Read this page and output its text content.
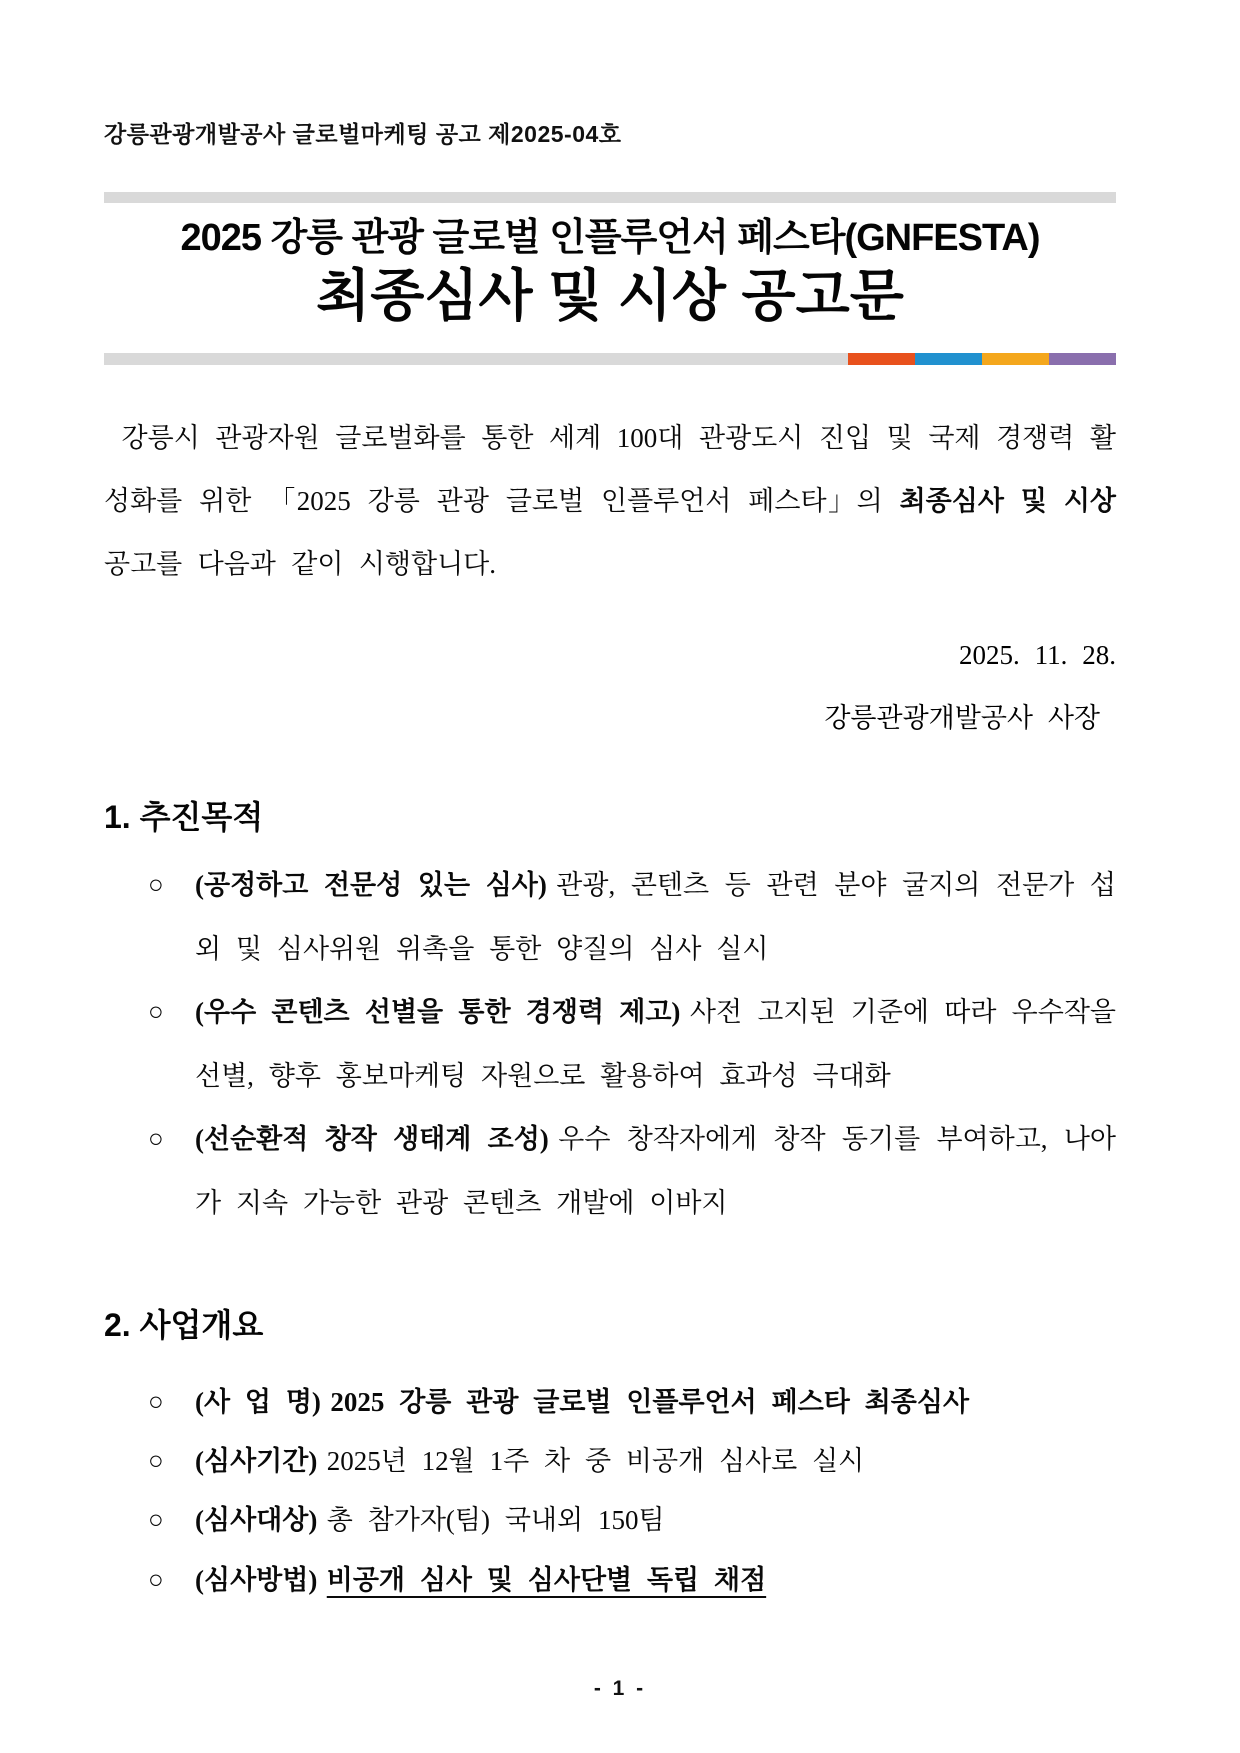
강릉관광개발공사 글로벌마케팅 공고 제2025-04호
2025 강릉 관광 글로벌 인플루언서 페스타(GNFESTA)
최종심사 및 시상 공고문

강릉시 관광자원 글로벌화를 통한 세계 100대 관광도시 진입 및 국제 경쟁력 활성화를 위한 「2025 강릉 관광 글로벌 인플루언서 페스타」의 최종심사 및 시상 공고를 다음과 같이 시행합니다.

2025. 11. 28.
강릉관광개발공사 사장
1. 추진목적
○	(공정하고 전문성 있는 심사) 관광, 콘텐츠 등 관련 분야 굴지의 전문가 섭외 및 심사위원 위촉을 통한 양질의 심사 실시
○	(우수 콘텐츠 선별을 통한 경쟁력 제고) 사전 고지된 기준에 따라 우수작을 선별, 향후 홍보마케팅 자원으로 활용하여 효과성 극대화
○	(선순환적 창작 생태계 조성) 우수 창작자에게 창작 동기를 부여하고, 나아가 지속 가능한 관광 콘텐츠 개발에 이바지
2. 사업개요
○	(사 업 명) 2025 강릉 관광 글로벌 인플루언서 페스타 최종심사
○	(심사기간) 2025년 12월 1주 차 중 비공개 심사로 실시
○	(심사대상) 총 참가자(팀) 국내외 150팀
○	(심사방법) 비공개 심사 및 심사단별 독립 채점
- 1 -
